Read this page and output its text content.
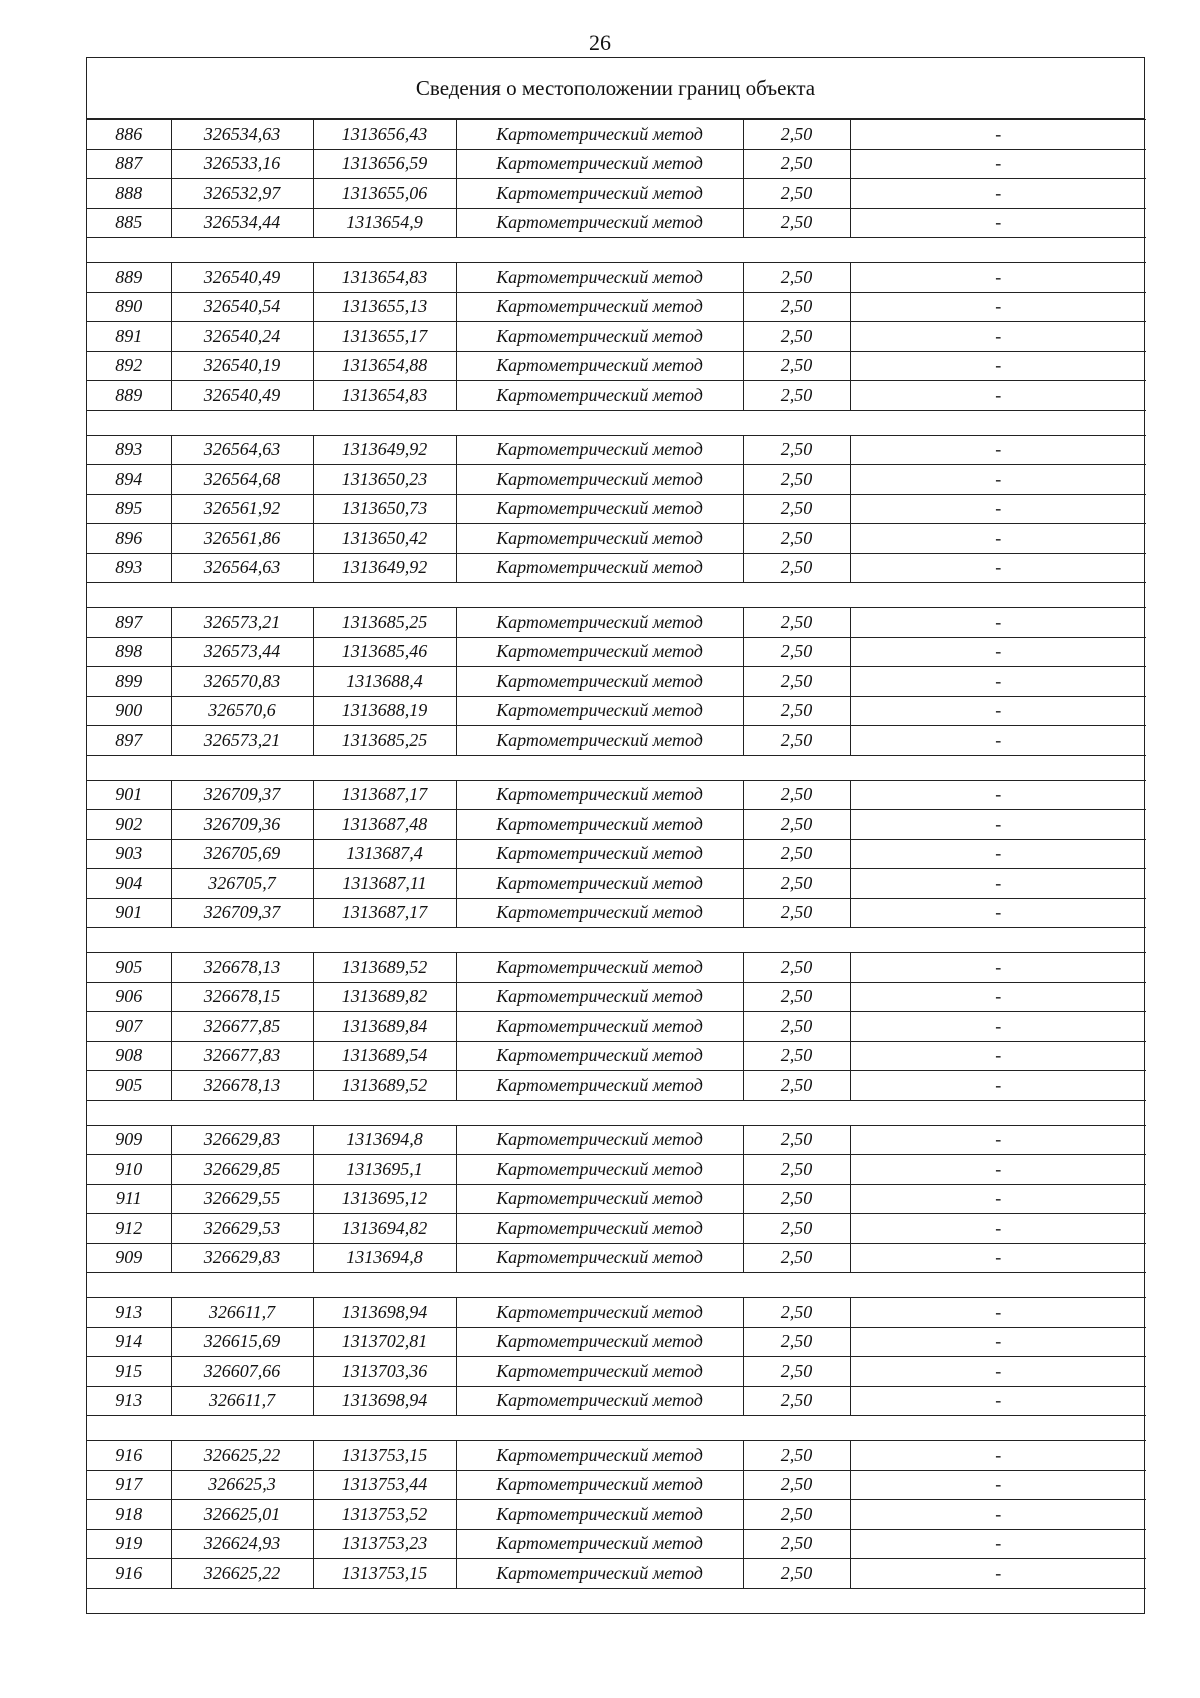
26
Сведения о местоположении границ объекта
886	326534,63	1313656,43	Картометрический метод	2,50	-
887	326533,16	1313656,59	Картометрический метод	2,50	-
888	326532,97	1313655,06	Картометрический метод	2,50	-
885	326534,44	1313654,9	Картометрический метод	2,50	-

889	326540,49	1313654,83	Картометрический метод	2,50	-
890	326540,54	1313655,13	Картометрический метод	2,50	-
891	326540,24	1313655,17	Картометрический метод	2,50	-
892	326540,19	1313654,88	Картометрический метод	2,50	-
889	326540,49	1313654,83	Картометрический метод	2,50	-

893	326564,63	1313649,92	Картометрический метод	2,50	-
894	326564,68	1313650,23	Картометрический метод	2,50	-
895	326561,92	1313650,73	Картометрический метод	2,50	-
896	326561,86	1313650,42	Картометрический метод	2,50	-
893	326564,63	1313649,92	Картометрический метод	2,50	-

897	326573,21	1313685,25	Картометрический метод	2,50	-
898	326573,44	1313685,46	Картометрический метод	2,50	-
899	326570,83	1313688,4	Картометрический метод	2,50	-
900	326570,6	1313688,19	Картометрический метод	2,50	-
897	326573,21	1313685,25	Картометрический метод	2,50	-

901	326709,37	1313687,17	Картометрический метод	2,50	-
902	326709,36	1313687,48	Картометрический метод	2,50	-
903	326705,69	1313687,4	Картометрический метод	2,50	-
904	326705,7	1313687,11	Картометрический метод	2,50	-
901	326709,37	1313687,17	Картометрический метод	2,50	-

905	326678,13	1313689,52	Картометрический метод	2,50	-
906	326678,15	1313689,82	Картометрический метод	2,50	-
907	326677,85	1313689,84	Картометрический метод	2,50	-
908	326677,83	1313689,54	Картометрический метод	2,50	-
905	326678,13	1313689,52	Картометрический метод	2,50	-

909	326629,83	1313694,8	Картометрический метод	2,50	-
910	326629,85	1313695,1	Картометрический метод	2,50	-
911	326629,55	1313695,12	Картометрический метод	2,50	-
912	326629,53	1313694,82	Картометрический метод	2,50	-
909	326629,83	1313694,8	Картометрический метод	2,50	-

913	326611,7	1313698,94	Картометрический метод	2,50	-
914	326615,69	1313702,81	Картометрический метод	2,50	-
915	326607,66	1313703,36	Картометрический метод	2,50	-
913	326611,7	1313698,94	Картометрический метод	2,50	-

916	326625,22	1313753,15	Картометрический метод	2,50	-
917	326625,3	1313753,44	Картометрический метод	2,50	-
918	326625,01	1313753,52	Картометрический метод	2,50	-
919	326624,93	1313753,23	Картометрический метод	2,50	-
916	326625,22	1313753,15	Картометрический метод	2,50	-
